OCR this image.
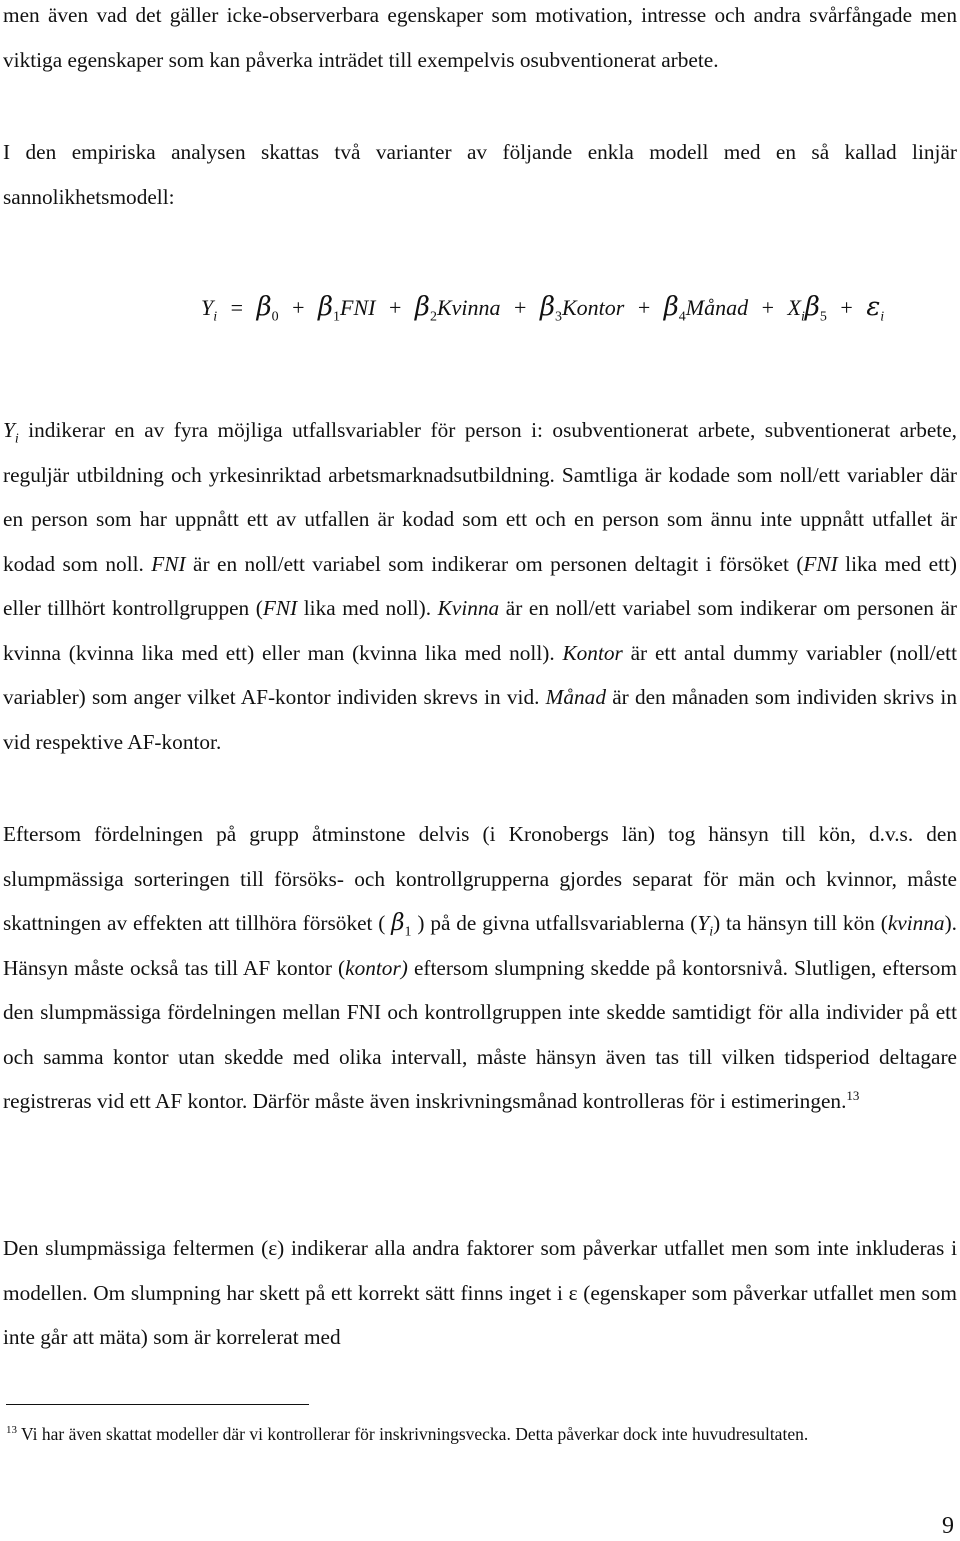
men även vad det gäller icke-observerbara egenskaper som motivation, intresse och andra svårfångade men viktiga egenskaper som kan påverka inträdet till exempelvis osubventionerat arbete.

I den empiriska analysen skattas två varianter av följande enkla modell med en så kallad linjär sannolikhetsmodell:

$Y_i = \beta_0 + \beta_1FNI$ + $\beta_2Kvinna$ + $\beta_3Kontor$ + $\beta_4Månad + X_i\beta_5 + \varepsilon_i$

$Y_i$ indikerar en av fyra möjliga utfallsvariabler för person i: osubventionerat arbete, subventionerat arbete, reguljär utbildning och yrkesinriktad arbetsmarknadsutbildning. Samtliga är kodade som noll/ett variabler där en person som har uppnått ett av utfallen är kodad som ett och en person som ännu inte uppnått utfallet är kodad som noll. FNI är en noll/ett variabel som indikerar om personen deltagit i försöket (FNI lika med ett) eller tillhört kontrollgruppen (FNI lika med noll). Kvinna är en noll/ett variabel som indikerar om personen är kvinna (kvinna lika med ett) eller man (kvinna lika med noll). Kontor är ett antal dummy variabler (noll/ett variabler) som anger vilket AF-kontor individen skrevs in vid. Månad är den månaden som individen skrivs in vid respektive AF-kontor.

Eftersom fördelningen på grupp åtminstone delvis (i Kronobergs län) tog hänsyn till kön, d.v.s. den slumpmässiga sorteringen till försöks- och kontrollgrupperna gjordes separat för män och kvinnor, måste skattningen av effekten att tillhöra försöket ( $\beta_1$ ) på de givna utfallsvariablerna $(Y_i)$ ta hänsyn till kön (kvinna). Hänsyn måste också tas till AF kontor (kontor) eftersom slumpning skedde på kontorsnivå. Slutligen, eftersom den slumpmässiga fördelningen mellan FNI och kontrollgruppen inte skedde samtidigt för alla individer på ett och samma kontor utan skedde med olika intervall, måste hänsyn även tas till vilken tidsperiod deltagare registreras vid ett AF kontor. Därför måste även inskrivningsmånad kontrolleras för i estimeringen.$^{13}$

Den slumpmässiga feltermen (ε) indikerar alla andra faktorer som påverkar utfallet men som inte inkluderas i modellen. Om slumpning har skett på ett korrekt sätt finns inget i ε (egenskaper som påverkar utfallet men som inte går att mäta) som är korrelerat med

$^{13}$ Vi har även skattat modeller där vi kontrollerar för inskrivningsvecka. Detta påverkar dock inte huvudresultaten.

9
